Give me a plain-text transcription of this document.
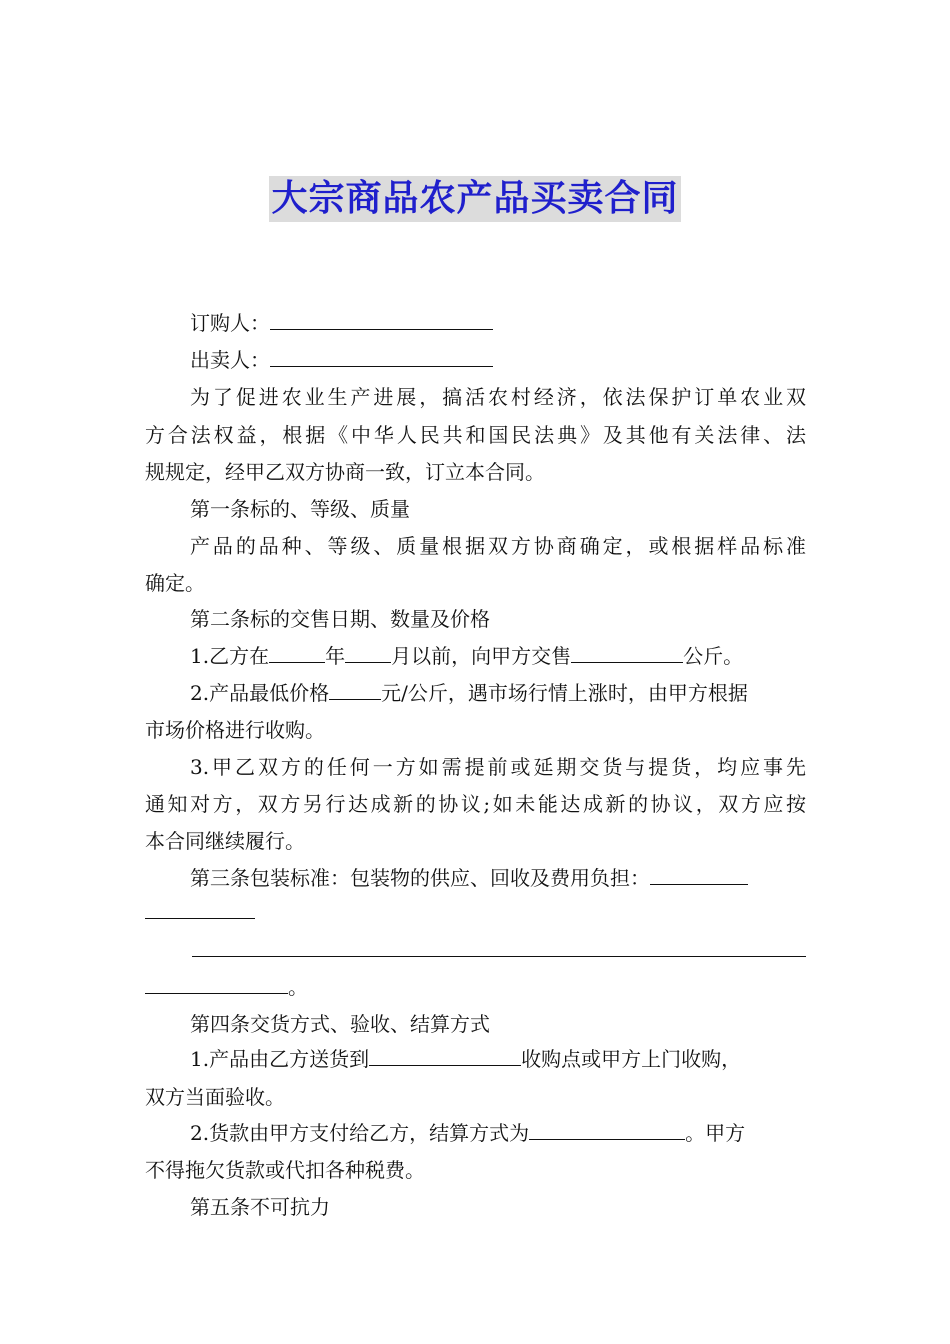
大宗商品农产品买卖合同
订购人：
出卖人：
为了促进农业生产进展，搞活农村经济，依法保护订单农业双
方合法权益，根据《中华人民共和国民法典》及其他有关法律、法
规规定，经甲乙双方协商一致，订立本合同。
第一条标的、等级、质量
产品的品种、等级、质量根据双方协商确定，或根据样品标准
确定。
第二条标的交售日期、数量及价格
1.乙方在	年 月以前，向甲方交售	公斤。
2.产品最低价格	元/公斤，遇市场行情上涨时，由甲方根据
市场价格进行收购。
3.甲乙双方的任何一方如需提前或延期交货与提货，均应事先
通知对方，双方另行达成新的协议;如未能达成新的协议，双方应按
本合同继续履行。
第三条包装标准：包装物的供应、回收及费用负担：
。
第四条交货方式、验收、结算方式
1.产品由乙方送货到	收购点或甲方上门收购，
双方当面验收。
2.货款由甲方支付给乙方，结算方式为	。甲方
不得拖欠货款或代扣各种税费。
第五条不可抗力
